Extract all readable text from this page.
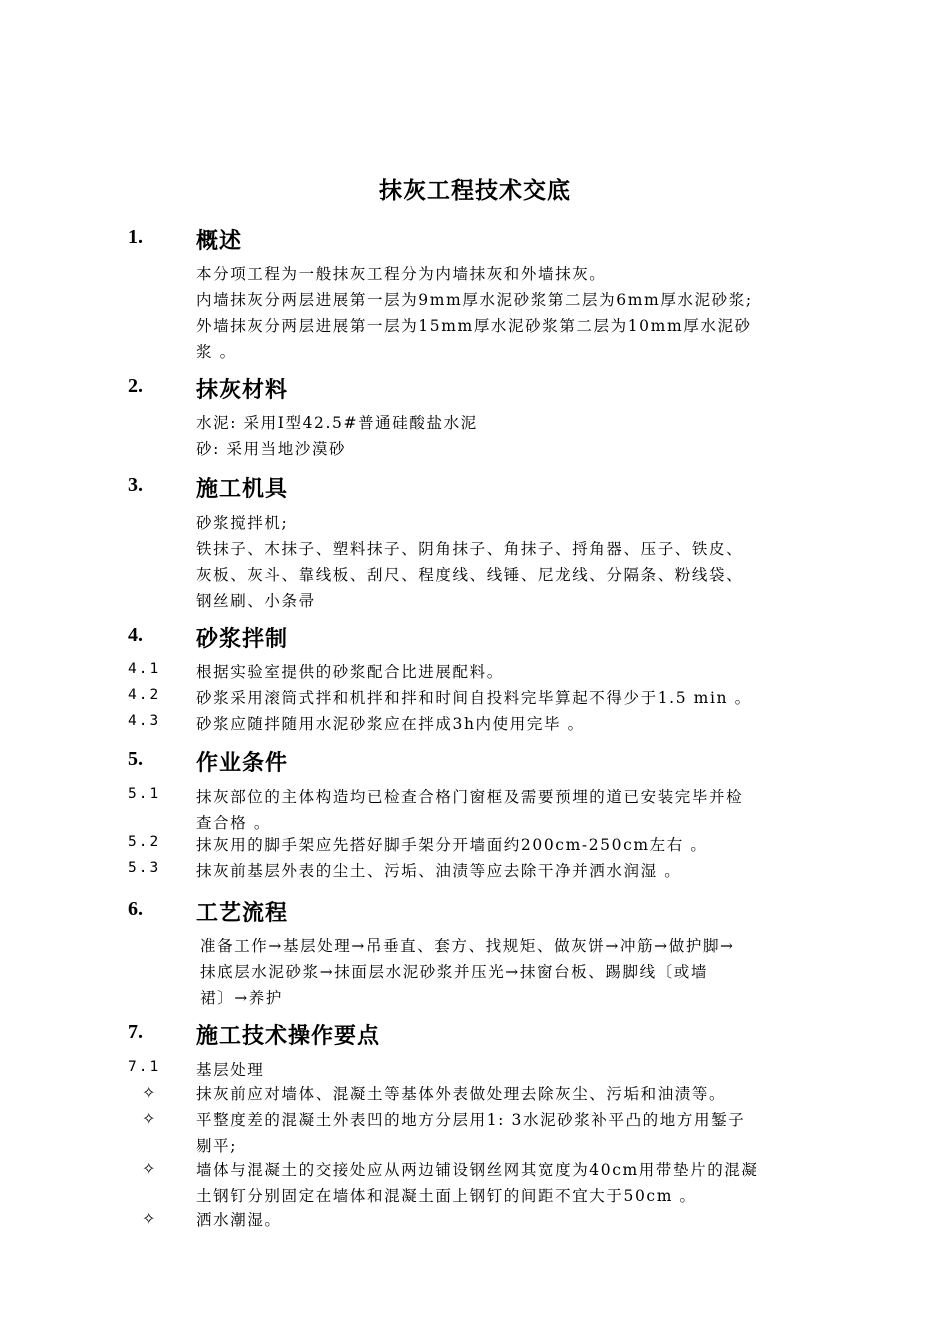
抹灰工程技术交底
1. 概述
本分项工程为一般抹灰工程分为内墙抹灰和外墙抹灰。
内墙抹灰分两层进展第一层为9mm厚水泥砂浆第二层为6mm厚水泥砂浆;
外墙抹灰分两层进展第一层为15mm厚水泥砂浆第二层为10mm厚水泥砂
浆 。
2. 抹灰材料
水泥: 采用Ⅰ型42.5#普通硅酸盐水泥
砂: 采用当地沙漠砂
3. 施工机具
砂浆搅拌机;
铁抹子、木抹子、塑料抹子、阴角抹子、角抹子、捋角器、压子、铁皮、
灰板、灰斗、靠线板、刮尺、程度线、线锤、尼龙线、分隔条、粉线袋、
钢丝刷、小条帚
4. 砂浆拌制
4.1 根据实验室提供的砂浆配合比进展配料。
4.2 砂浆采用滚筒式拌和机拌和拌和时间自投料完毕算起不得少于1.5 min 。
4.3 砂浆应随拌随用水泥砂浆应在拌成3h内使用完毕 。
5. 作业条件
5.1 抹灰部位的主体构造均已检查合格门窗框及需要预埋的道已安装完毕并检
查合格 。
5.2 抹灰用的脚手架应先搭好脚手架分开墙面约200cm-250cm左右 。
5.3 抹灰前基层外表的尘土、污垢、油渍等应去除干净并洒水润湿 。
6. 工艺流程
准备工作→基层处理→吊垂直、套方、找规矩、做灰饼→冲筋→做护脚→
抹底层水泥砂浆→抹面层水泥砂浆并压光→抹窗台板、踢脚线〔或墙
裙〕→养护
7. 施工技术操作要点
7.1 基层处理
✧	抹灰前应对墙体、混凝土等基体外表做处理去除灰尘、污垢和油渍等。
✧	平整度差的混凝土外表凹的地方分层用1: 3水泥砂浆补平凸的地方用錾子
剔平;
✧	墙体与混凝土的交接处应从两边铺设钢丝网其宽度为40cm用带垫片的混凝
土钢钉分别固定在墙体和混凝土面上钢钉的间距不宜大于50cm 。
✧	洒水潮湿。
